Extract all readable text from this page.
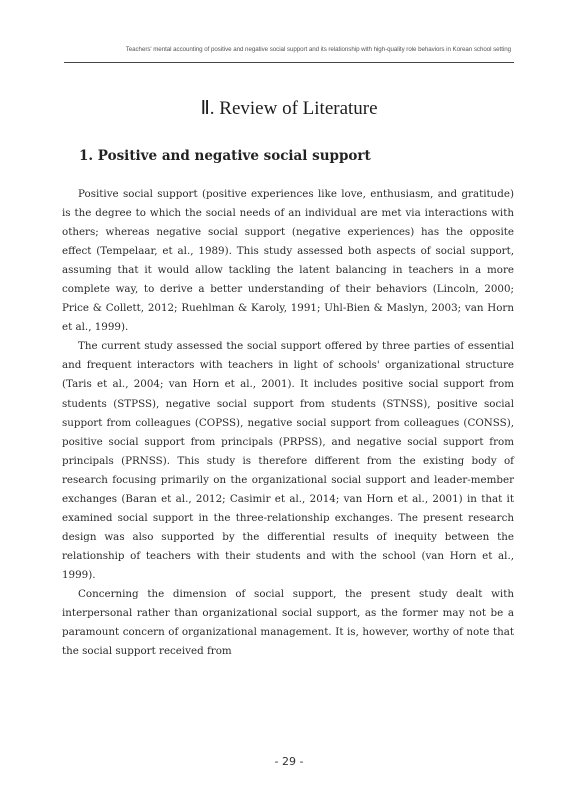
Teachers' mental accounting of positive and negative social support and its relationship with high-quality role behaviors in Korean school setting
Ⅱ. Review of Literature
1. Positive and negative social support

Positive social support (positive experiences like love, enthusiasm, and gratitude) is the degree to which the social needs of an individual are met via interactions with others; whereas negative social support (negative experiences) has the opposite effect (Tempelaar, et al., 1989). This study assessed both aspects of social support, assuming that it would allow tackling the latent balancing in teachers in a more complete way, to derive a better understanding of their behaviors (Lincoln, 2000; Price & Collett, 2012; Ruehlman & Karoly, 1991; Uhl-Bien & Maslyn, 2003; van Horn et al., 1999).

The current study assessed the social support offered by three parties of essential and frequent interactors with teachers in light of schools' organizational structure (Taris et al., 2004; van Horn et al., 2001). It includes positive social support from students (STPSS), negative social support from students (STNSS), positive social support from colleagues (COPSS), negative social support from colleagues (CONSS), positive social support from principals (PRPSS), and negative social support from principals (PRNSS). This study is therefore different from the existing body of research focusing primarily on the organizational social support and leader-member exchanges (Baran et al., 2012; Casimir et al., 2014; van Horn et al., 2001) in that it examined social support in the three-relationship exchanges. The present research design was also supported by the differential results of inequity between the relationship of teachers with their students and with the school (van Horn et al., 1999).

Concerning the dimension of social support, the present study dealt with interpersonal rather than organizational social support, as the former may not be a paramount concern of organizational management. It is, however, worthy of note that the social support received from

- 29 -
